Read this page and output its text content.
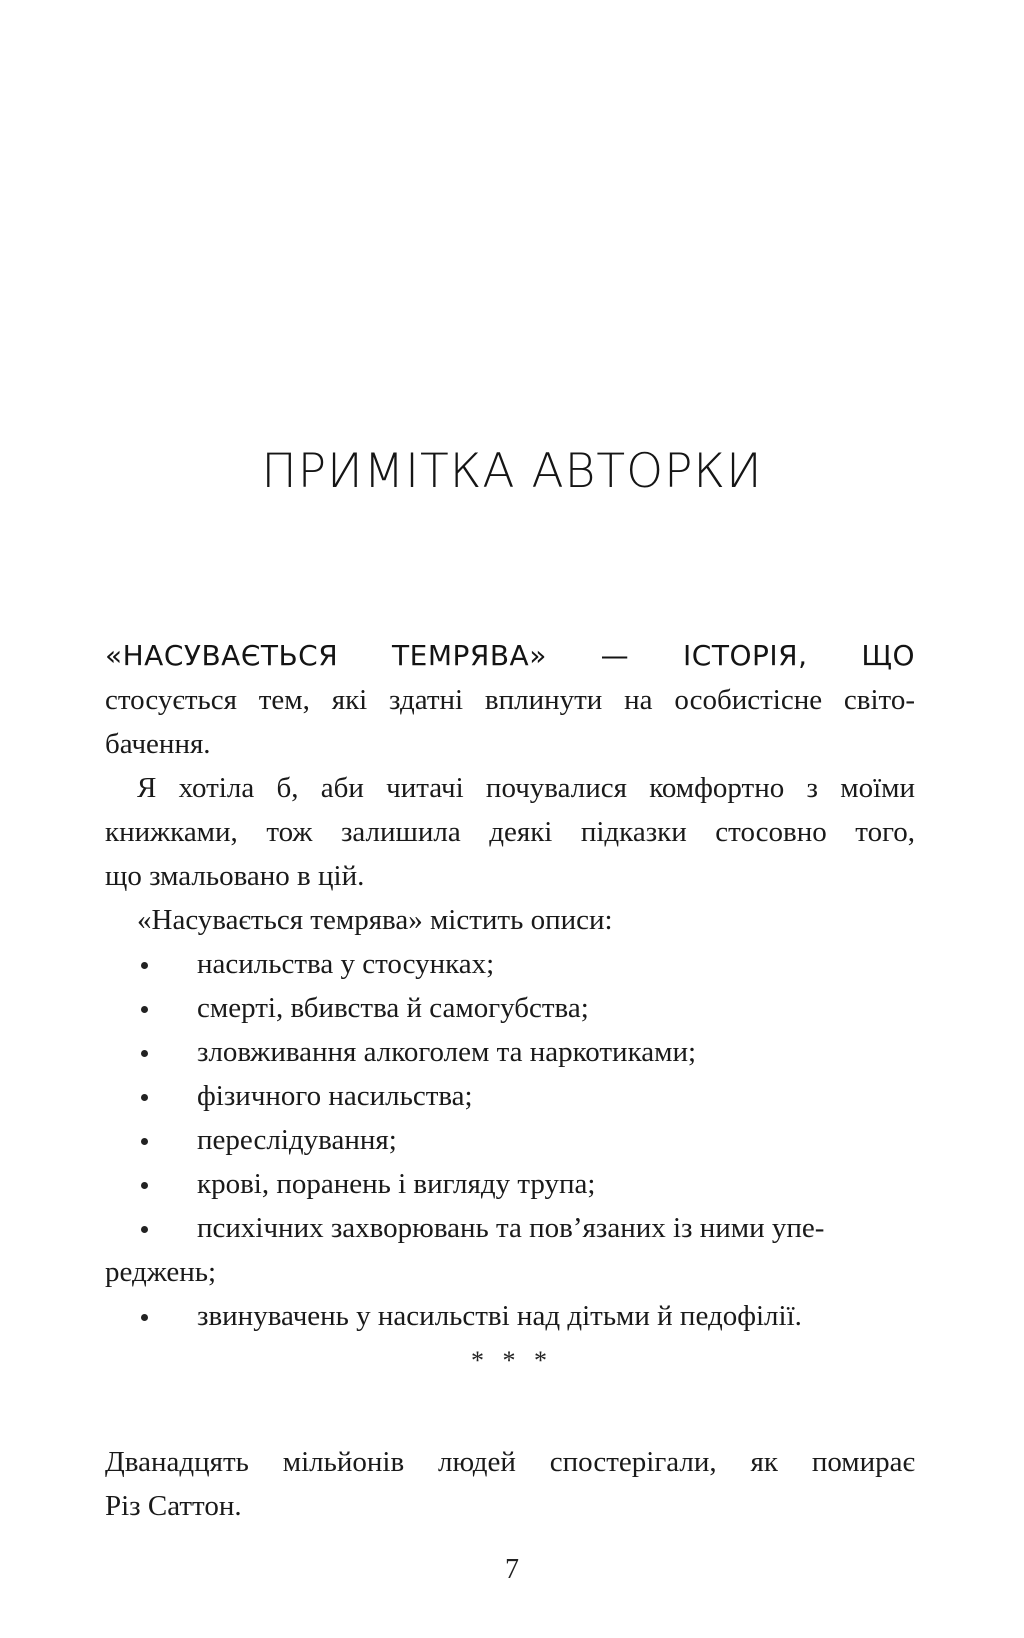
ПРИМІТКА АВТОРКИ
«НАСУВАЄТЬСЯ ТЕМРЯВА» — ІСТОРІЯ, ЩО
стосується тем, які здатні вплинути на особистісне світо-
бачення.
Я хотіла б, аби читачі почувалися комфортно з моїми
книжками, тож залишила деякі підказки стосовно того,
що змальовано в цій.
«Насувається темрява» містить описи:
насильства у стосунках;
смерті, вбивства й самогубства;
зловживання алкоголем та наркотиками;
фізичного насильства;
переслідування;
крові, поранень і вигляду трупа;
психічних захворювань та пов’язаних із ними упе-
реджень;
звинувачень у насильстві над дітьми й педофілії.
* * *
Дванадцять мільйонів людей спостерігали, як помирає
Різ Саттон.
7
